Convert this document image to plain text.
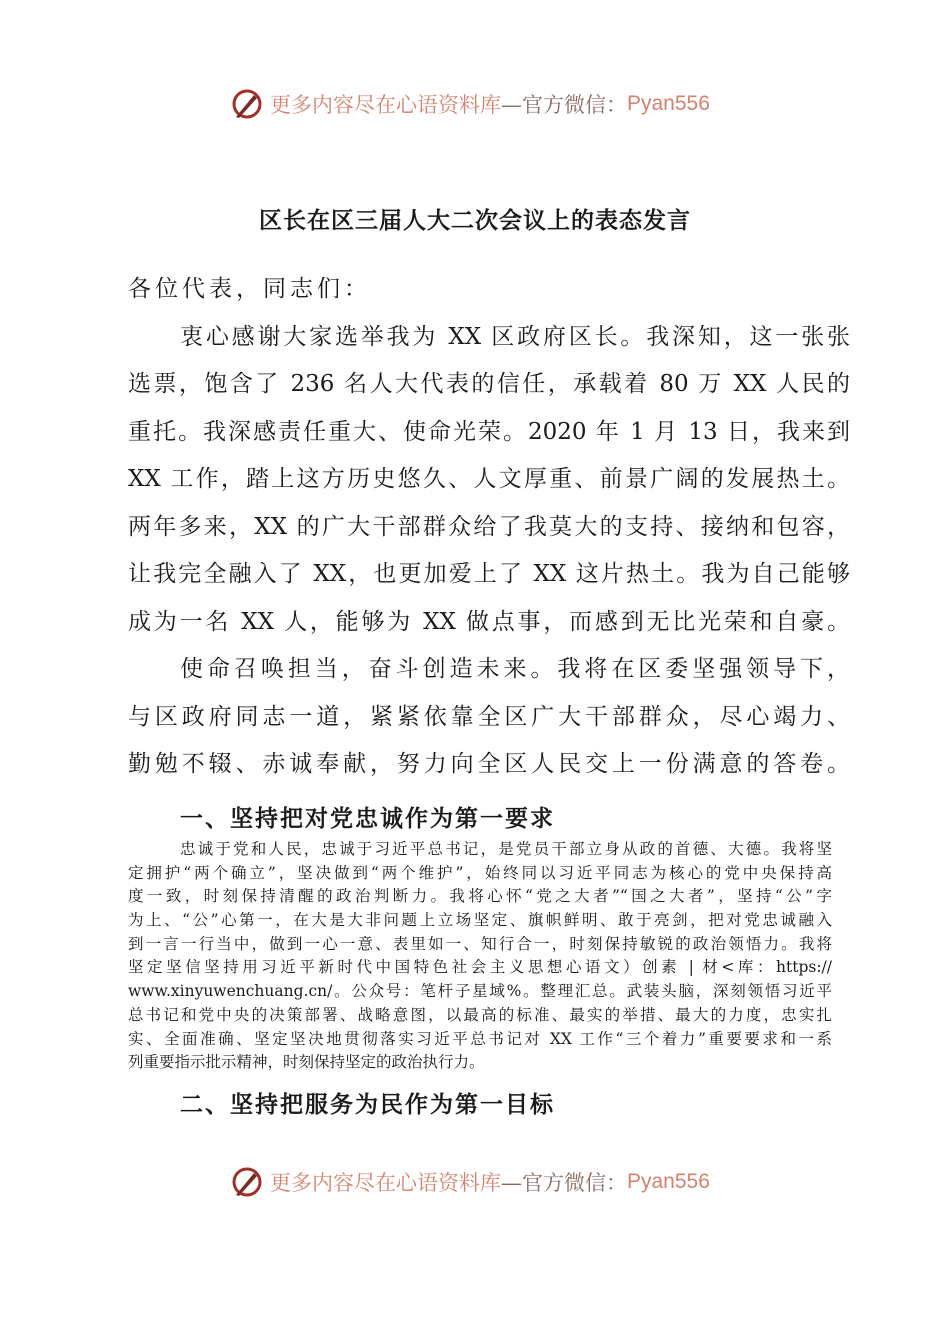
更多内容尽在心语资料库 —官方微信： Pyan556
区长在区三届人大二次会议上的表态发言
各位代表，同志们：
衷心感谢大家选举我为 XX 区政府区长。我深知，这一张张
选票，饱含了 236 名人大代表的信任，承载着 80 万 XX 人民的
重托。我深感责任重大、使命光荣。2020 年 1 月 13 日，我来到
XX 工作，踏上这方历史悠久、人文厚重、前景广阔的发展热土。
两年多来，XX 的广大干部群众给了我莫大的支持、接纳和包容，
让我完全融入了 XX，也更加爱上了 XX 这片热土。我为自己能够
成为一名 XX 人，能够为 XX 做点事，而感到无比光荣和自豪。
使命召唤担当，奋斗创造未来。我将在区委坚强领导下，
与区政府同志一道，紧紧依靠全区广大干部群众，尽心竭力、
勤勉不辍、赤诚奉献，努力向全区人民交上一份满意的答卷。
一、坚持把对党忠诚作为第一要求
忠诚于党和人民，忠诚于习近平总书记，是党员干部立身从政的首德、大德。我将坚
定拥护“两个确立”，坚决做到“两个维护”，始终同以习近平同志为核心的党中央保持高
度一致，时刻保持清醒的政治判断力。我将心怀“党之大者”“国之大者”，坚持“公”字
为上、“公”心第一，在大是大非问题上立场坚定、旗帜鲜明、敢于亮剑，把对党忠诚融入
到一言一行当中，做到一心一意、表里如一、知行合一，时刻保持敏锐的政治领悟力。我将
坚定坚信坚持用习近平新时代中国特色社会主义思想心语文）创素 | 材<库：https://
www.xinyuwenchuang.cn/。公众号：笔杆子星域%。整理汇总。武装头脑，深刻领悟习近平
总书记和党中央的决策部署、战略意图，以最高的标准、最实的举措、最大的力度，忠实扎
实、全面准确、坚定坚决地贯彻落实习近平总书记对 XX 工作“三个着力”重要要求和一系
列重要指示批示精神，时刻保持坚定的政治执行力。
二、坚持把服务为民作为第一目标
更多内容尽在心语资料库 —官方微信： Pyan556
